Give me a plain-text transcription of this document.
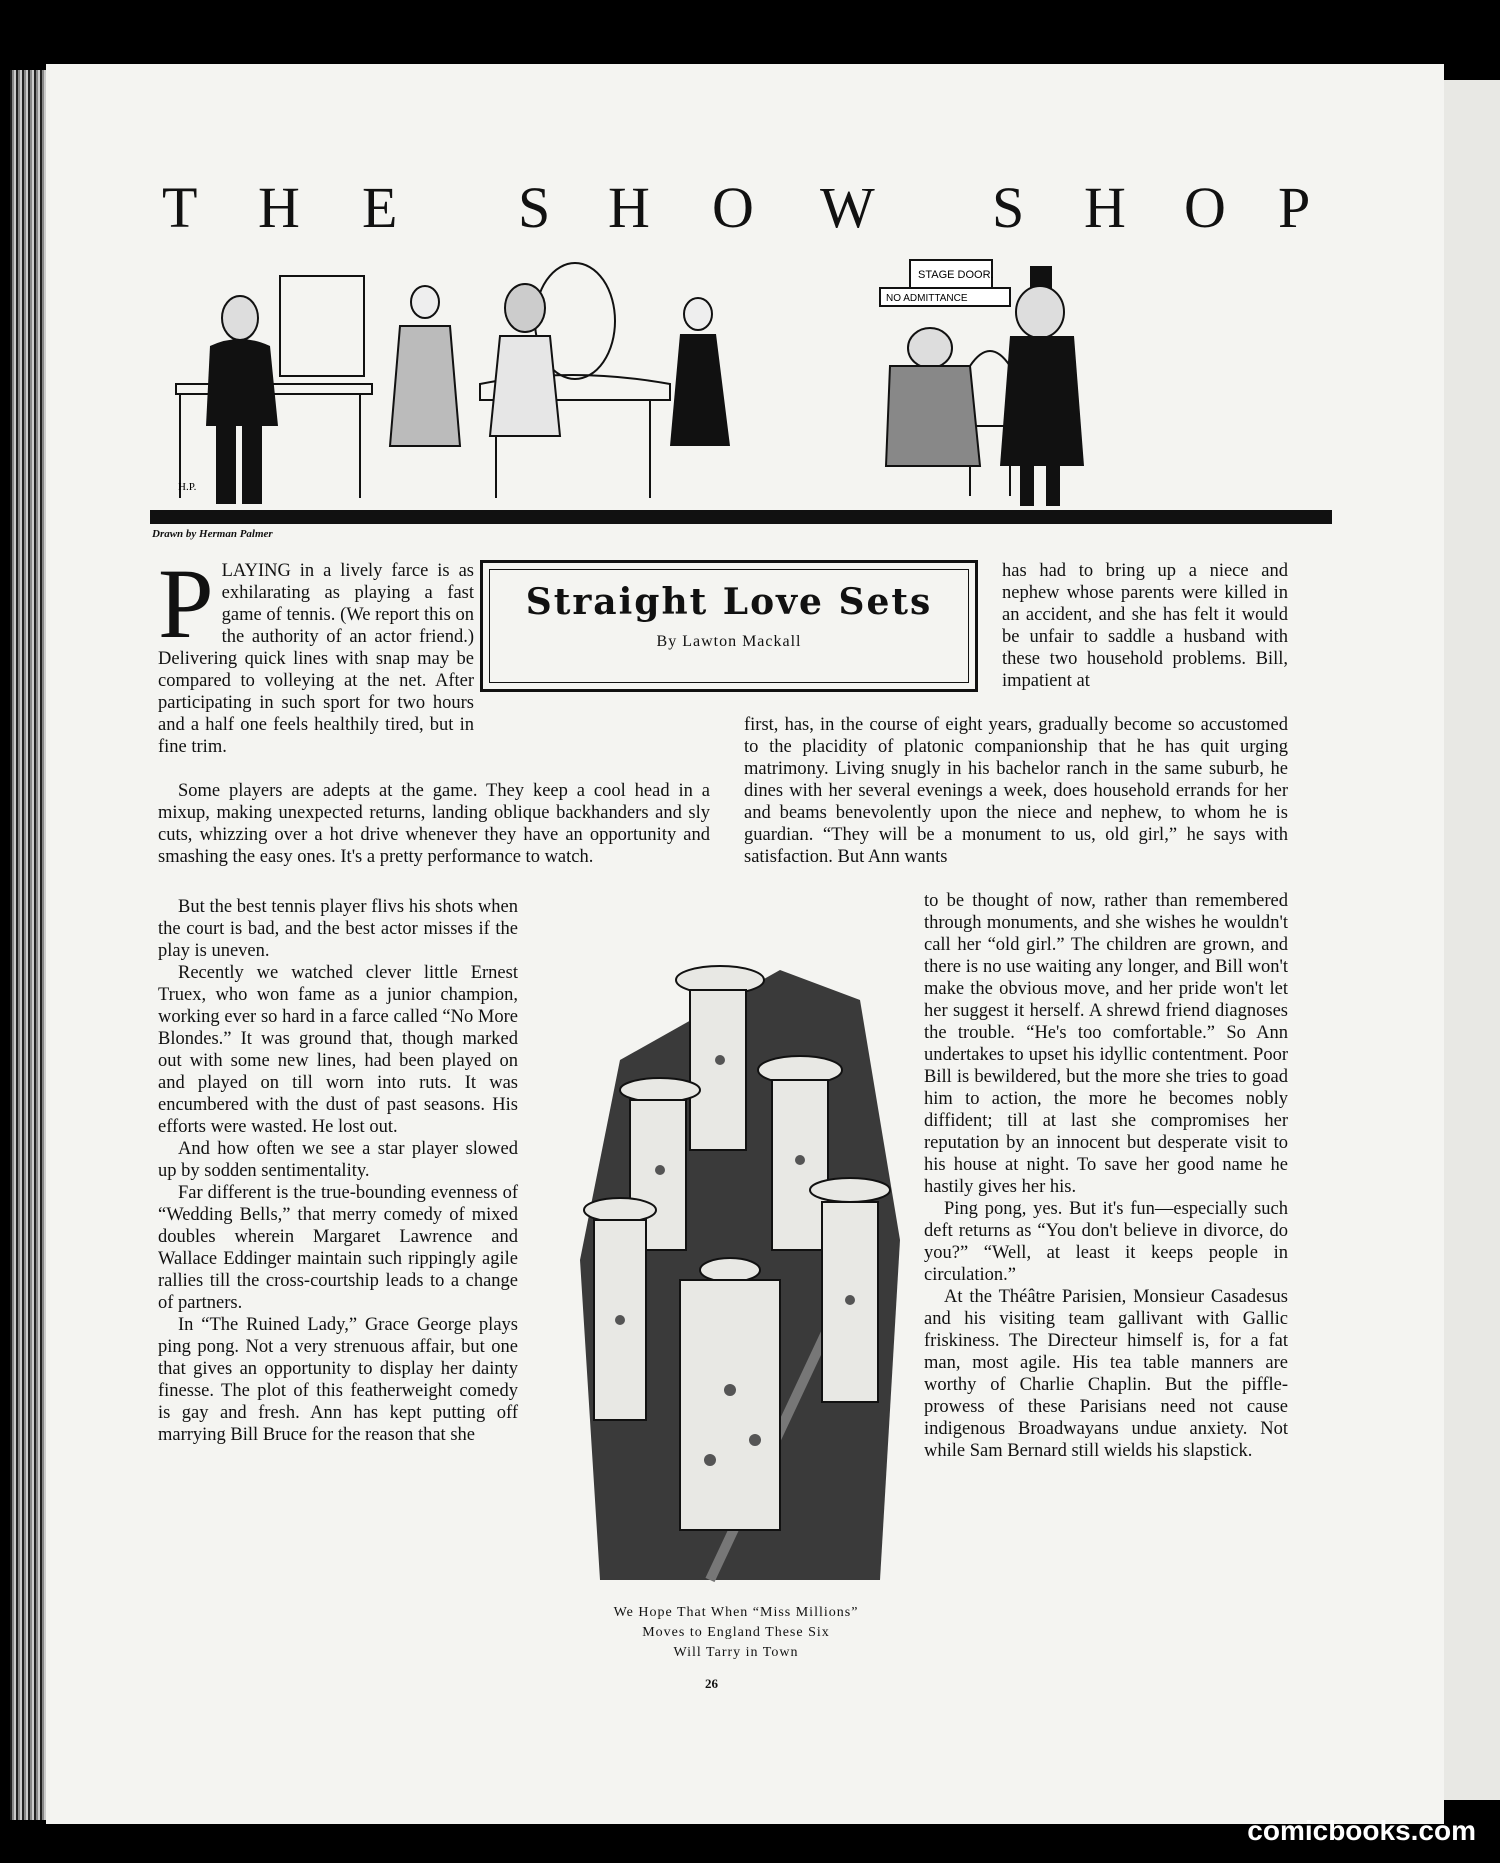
T H E S H O W S H O P
STAGE DOOR.
NO ADMITTANCE
H.P.
Drawn by Herman Palmer
Straight Love Sets
By Lawton Mackall
P LAYING in a lively farce is as exhilarating as playing a fast game of tennis. (We report this on the authority of an actor friend.) Delivering quick lines with snap may be compared to volleying at the net. After participating in such sport for two hours and a half one feels healthily tired, but in fine trim.

Some players are adepts at the game. They keep a cool head in a mixup, making unexpected returns, landing oblique backhanders and sly cuts, whizzing over a hot drive whenever they have an opportunity and smashing the easy ones. It's a pretty performance to watch.

But the best tennis player flivs his shots when the court is bad, and the best actor misses if the play is uneven.

Recently we watched clever little Ernest Truex, who won fame as a junior champion, working ever so hard in a farce called “No More Blondes.” It was ground that, though marked out with some new lines, had been played on and played on till worn into ruts. It was encumbered with the dust of past seasons. His efforts were wasted. He lost out.

And how often we see a star player slowed up by sodden sentimentality.

Far different is the true-bounding evenness of “Wedding Bells,” that merry comedy of mixed doubles wherein Margaret Lawrence and Wallace Eddinger maintain such rippingly agile rallies till the cross-courtship leads to a change of partners.

In “The Ruined Lady,” Grace George plays ping pong. Not a very strenuous affair, but one that gives an opportunity to display her dainty finesse. The plot of this featherweight comedy is gay and fresh. Ann has kept putting off marrying Bill Bruce for the reason that she

has had to bring up a niece and nephew whose parents were killed in an accident, and she has felt it would be unfair to saddle a husband with these two household problems. Bill, impatient at

first, has, in the course of eight years, gradually become so accustomed to the placidity of platonic companionship that he has quit urging matrimony. Living snugly in his bachelor ranch in the same suburb, he dines with her several evenings a week, does household errands for her and beams benevolently upon the niece and nephew, to whom he is guardian. “They will be a monument to us, old girl,” he says with satisfaction. But Ann wants

to be thought of now, rather than remembered through monuments, and she wishes he wouldn't call her “old girl.” The children are grown, and there is no use waiting any longer, and Bill won't make the obvious move, and her pride won't let her suggest it herself. A shrewd friend diagnoses the trouble. “He's too comfortable.” So Ann undertakes to upset his idyllic contentment. Poor Bill is bewildered, but the more she tries to goad him to action, the more he becomes nobly diffident; till at last she compromises her reputation by an innocent but desperate visit to his house at night. To save her good name he hastily gives her his.

Ping pong, yes. But it's fun—especially such deft returns as “You don't believe in divorce, do you?” “Well, at least it keeps people in circulation.”

At the Théâtre Parisien, Monsieur Casadesus and his visiting team gallivant with Gallic friskiness. The Directeur himself is, for a fat man, most agile. His tea table manners are worthy of Charlie Chaplin. But the piffle-prowess of these Parisians need not cause indigenous Broadwayans undue anxiety. Not while Sam Bernard still wields his slapstick.

We Hope That When “Miss Millions”
Moves to England These Six
Will Tarry in Town
26
comicbooks.com
